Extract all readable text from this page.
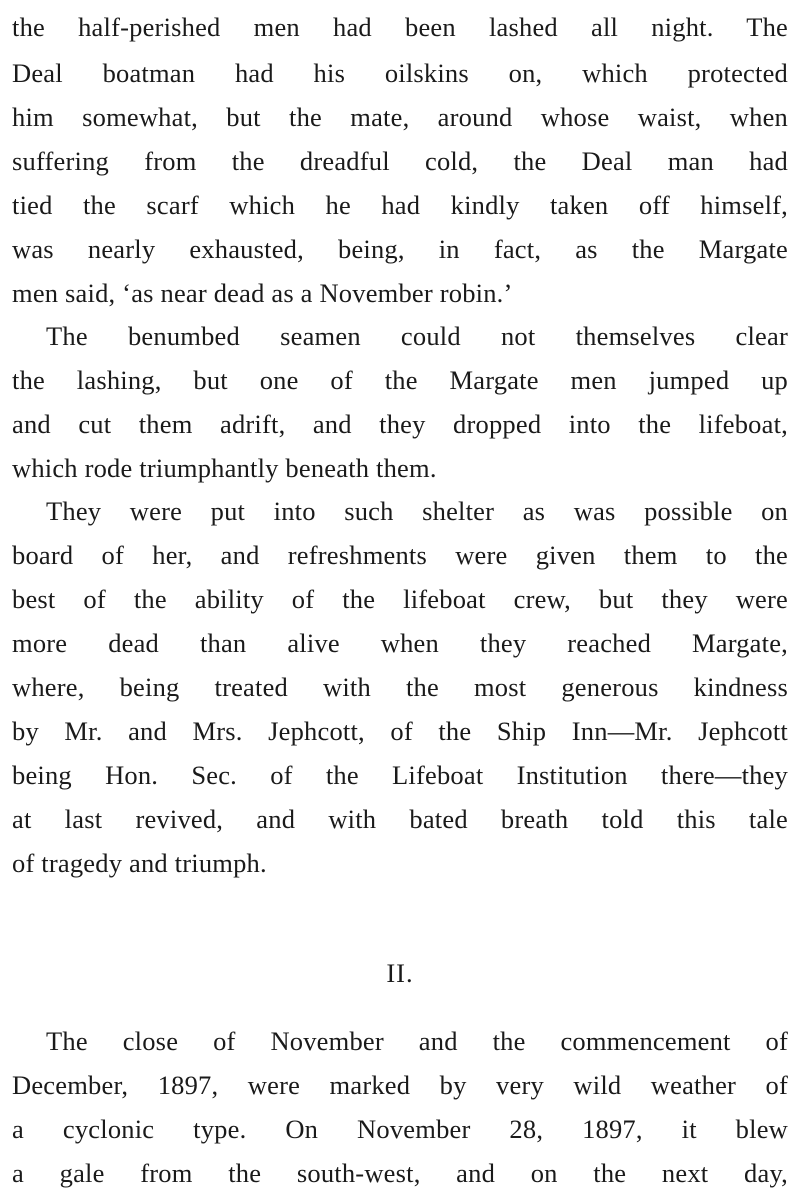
the half-perished men had been lashed all night. The
Deal boatman had his oilskins on, which protected
him somewhat, but the mate, around whose waist, when
suffering from the dreadful cold, the Deal man had
tied the scarf which he had kindly taken off himself,
was nearly exhausted, being, in fact, as the Margate
men said, ‘as near dead as a November robin.’
The benumbed seamen could not themselves clear
the lashing, but one of the Margate men jumped up
and cut them adrift, and they dropped into the lifeboat,
which rode triumphantly beneath them.
They were put into such shelter as was possible on
board of her, and refreshments were given them to the
best of the ability of the lifeboat crew, but they were
more dead than alive when they reached Margate,
where, being treated with the most generous kindness
by Mr. and Mrs. Jephcott, of the Ship Inn—Mr. Jephcott
being Hon. Sec. of the Lifeboat Institution there—they
at last revived, and with bated breath told this tale
of tragedy and triumph.
II.
The close of November and the commencement of
December, 1897, were marked by very wild weather of
a cyclonic type. On November 28, 1897, it blew
a gale from the south-west, and on the next day,
